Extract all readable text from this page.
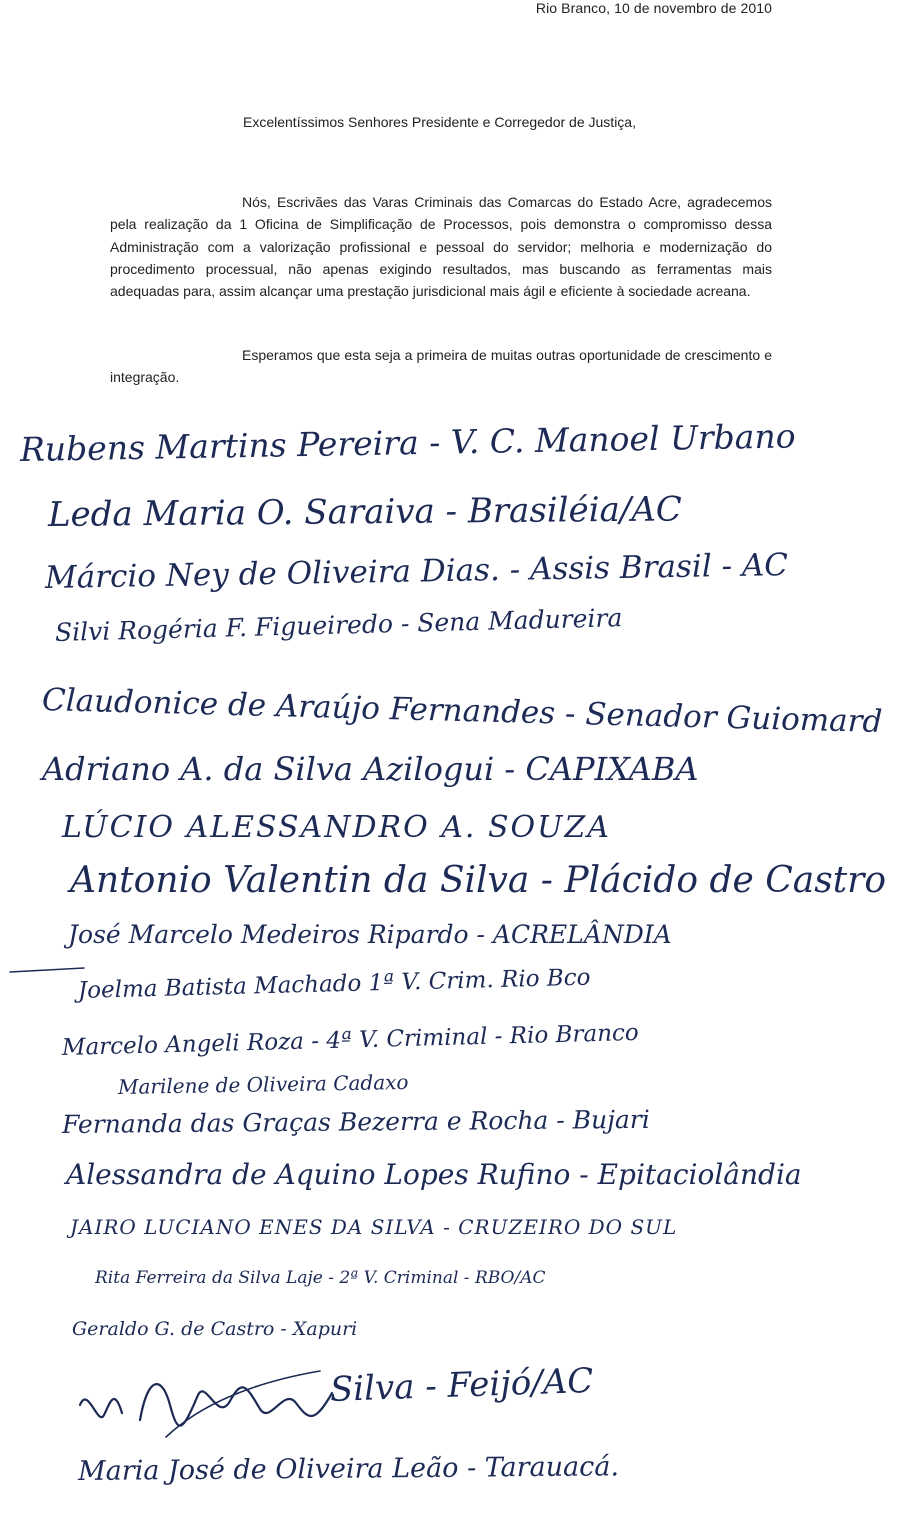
Rio Branco, 10 de novembro de 2010
Excelentíssimos Senhores Presidente e Corregedor de Justiça,

Nós, Escrivães das Varas Criminais das Comarcas do Estado Acre, agradecemos pela realização da 1 Oficina de Simplificação de Processos, pois demonstra o compromisso dessa Administração com a valorização profissional e pessoal do servidor; melhoria e modernização do procedimento processual, não apenas exigindo resultados, mas buscando as ferramentas mais adequadas para, assim alcançar uma prestação jurisdicional mais ágil e eficiente à sociedade acreana.

Esperamos que esta seja a primeira de muitas outras oportunidade de crescimento e integração.

Rubens Martins Pereira - V. C. Manoel Urbano
Leda Maria O. Saraiva - Brasiléia/AC
Márcio Ney de Oliveira Dias. - Assis Brasil - AC
Silvi Rogéria F. Figueiredo - Sena Madureira
Claudonice de Araújo Fernandes - Senador Guiomard
Adriano A. da Silva Azilogui - CAPIXABA
LÚCIO ALESSANDRO A. SOUZA
Antonio Valentin da Silva - Plácido de Castro
José Marcelo Medeiros Ripardo - ACRELÂNDIA
Joelma Batista Machado 1ª V. Crim. Rio Bco
Marcelo Angeli Roza - 4ª V. Criminal - Rio Branco
Marilene de Oliveira Cadaxo
Fernanda das Graças Bezerra e Rocha - Bujari
Alessandra de Aquino Lopes Rufino - Epitaciolândia
JAIRO LUCIANO ENES DA SILVA - CRUZEIRO DO SUL
Rita Ferreira da Silva Laje - 2ª V. Criminal - RBO/AC
Geraldo G. de Castro - Xapuri
Silva - Feijó/AC
Maria José de Oliveira Leão - Tarauacá.
